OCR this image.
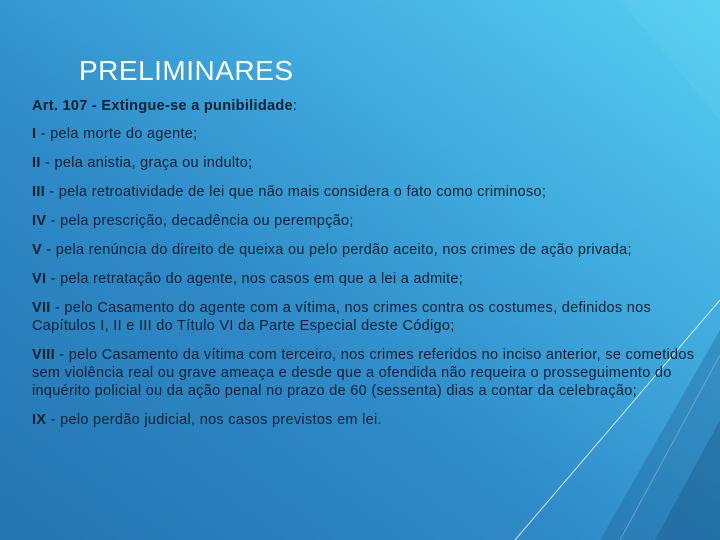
PRELIMINARES
Art. 107 - Extingue-se a punibilidade:
I - pela morte do agente;
II - pela anistia, graça ou indulto;
III - pela retroatividade de lei que não mais considera o fato como criminoso;
IV - pela prescrição, decadência ou perempção;
V - pela renúncia do direito de queixa ou pelo perdão aceito, nos crimes de ação privada;
VI - pela retratação do agente, nos casos em que a lei a admite;
VII - pelo Casamento do agente com a vítima, nos crimes contra os costumes, definidos nos Capítulos I, II e III do Título VI da Parte Especial deste Código;
VIII - pelo Casamento da vítima com terceiro, nos crimes referidos no inciso anterior, se cometidos sem violência real ou grave ameaça e desde que a ofendida não requeira o prosseguimento do inquérito policial ou da ação penal no prazo de 60 (sessenta) dias a contar da celebração;
IX - pelo perdão judicial, nos casos previstos em lei.
